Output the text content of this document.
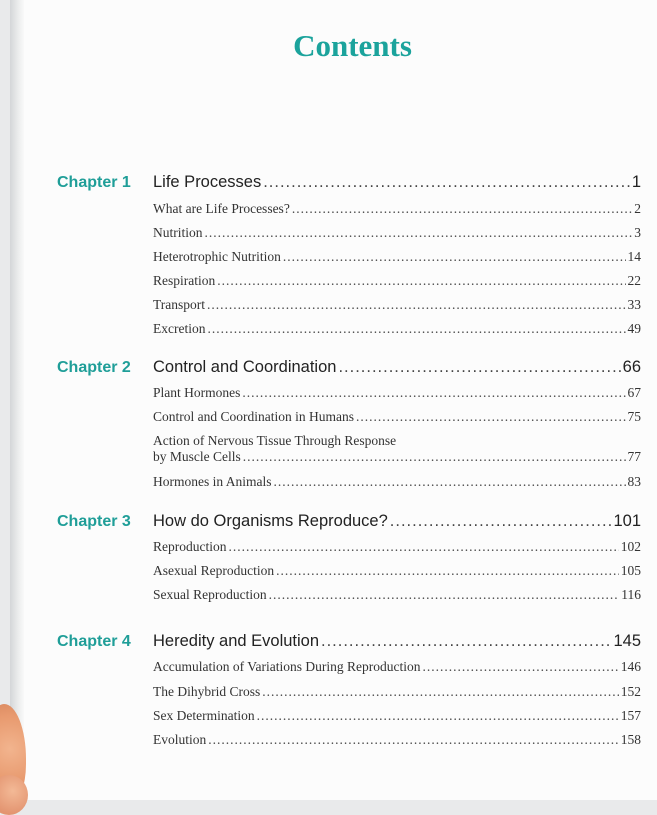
Contents
Chapter 1 Life Processes .....	1
What are Life Processes? .....	2
Nutrition .....	3
Heterotrophic Nutrition .....	14
Respiration .....	22
Transport .....	33
Excretion .....	49
Chapter 2 Control and Coordination .....	66
Plant Hormones .....	67
Control and Coordination in Humans .....	75
Action of Nervous Tissue Through Response
by Muscle Cells .....	77
Hormones in Animals .....	83
Chapter 3 How do Organisms Reproduce? .....	101
Reproduction .....	102
Asexual Reproduction .....	105
Sexual Reproduction .....	116
Chapter 4 Heredity and Evolution .....	145
Accumulation of Variations During Reproduction .....	146
The Dihybrid Cross .....	152
Sex Determination .....	157
Evolution .....	158
